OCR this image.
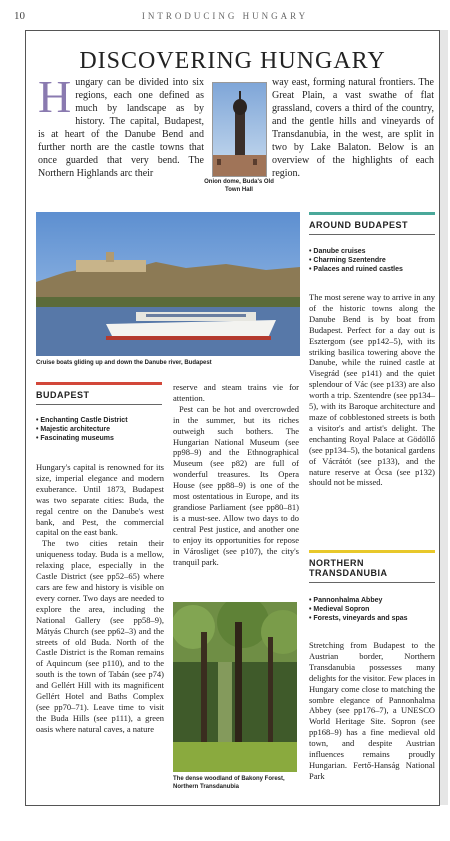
10	INTRODUCING HUNGARY
DISCOVERING HUNGARY
H ungary can be divided into six regions, each one defined as much by landscape as by history. The capital, Budapest, is at heart of the Danube Bend and further north are the castle towns that once guarded that very bend. The Northern Highlands arc their
way east, forming natural frontiers. The Great Plain, a vast swathe of flat grassland, covers a third of the country, and the gentle hills and vineyards of Transdanubia, in the west, are split in two by Lake Balaton. Below is an overview of the highlights of each region.
Onion dome, Buda's Old Town Hall
Cruise boats gliding up and down the Danube river, Budapest
BUDAPEST
• Enchanting Castle District
• Majestic architecture
• Fascinating museums

Hungary's capital is renowned for its size, imperial elegance and modern exuberance. Until 1873, Budapest was two separate cities: Buda, the regal centre on the Danube's west bank, and Pest, the commercial capital on the east bank.

The two cities retain their uniqueness today. Buda is a mellow, relaxing place, especially in the Castle District (see pp52–65) where cars are few and history is visible on every corner. Two days are needed to explore the area, including the National Gallery (see pp58–9), Mátyás Church (see pp62–3) and the streets of old Buda. North of the Castle District is the Roman remains of Aquincum (see p110), and to the south is the town of Tabán (see p74) and Gellért Hill with its magnificent Gellért Hotel and Baths Complex (see pp70–71). Leave time to visit the Buda Hills (see p111), a green oasis where natural caves, a nature

reserve and steam trains vie for attention.

Pest can be hot and overcrowded in the summer, but its riches outweigh such bothers. The Hungarian National Museum (see pp98–9) and the Ethnographical Museum (see p82) are full of wonderful treasures. Its Opera House (see pp88–9) is one of the most ostentatious in Europe, and its grandiose Parliament (see pp80–81) is a must-see. Allow two days to do central Pest justice, and another one to enjoy its opportunities for repose in Városliget (see p107), the city's tranquil park.

The dense woodland of Bakony Forest, Northern Transdanubia
AROUND BUDAPEST
• Danube cruises
• Charming Szentendre
• Palaces and ruined castles

The most serene way to arrive in any of the historic towns along the Danube Bend is by boat from Budapest. Perfect for a day out is Esztergom (see pp142–5), with its striking basilica towering above the Danube, while the ruined castle at Visegrád (see p141) and the quiet splendour of Vác (see p133) are also worth a trip. Szentendre (see pp134–5), with its Baroque architecture and maze of cobblestoned streets is both a visitor's and artist's delight. The enchanting Royal Palace at Gödöllő (see pp134–5), the botanical gardens of Vácrátót (see p133), and the nature reserve at Ócsa (see p132) should not be missed.

NORTHERN TRANSDANUBIA
• Pannonhalma Abbey
• Medieval Sopron
• Forests, vineyards and spas

Stretching from Budapest to the Austrian border, Northern Transdanubia possesses many delights for the visitor. Few places in Hungary come close to matching the sombre elegance of Pannonhalma Abbey (see pp176–7), a UNESCO World Heritage Site. Sopron (see pp168–9) has a fine medieval old town, and despite Austrian influences remains proudly Hungarian. Fertő-Hanság National Park
